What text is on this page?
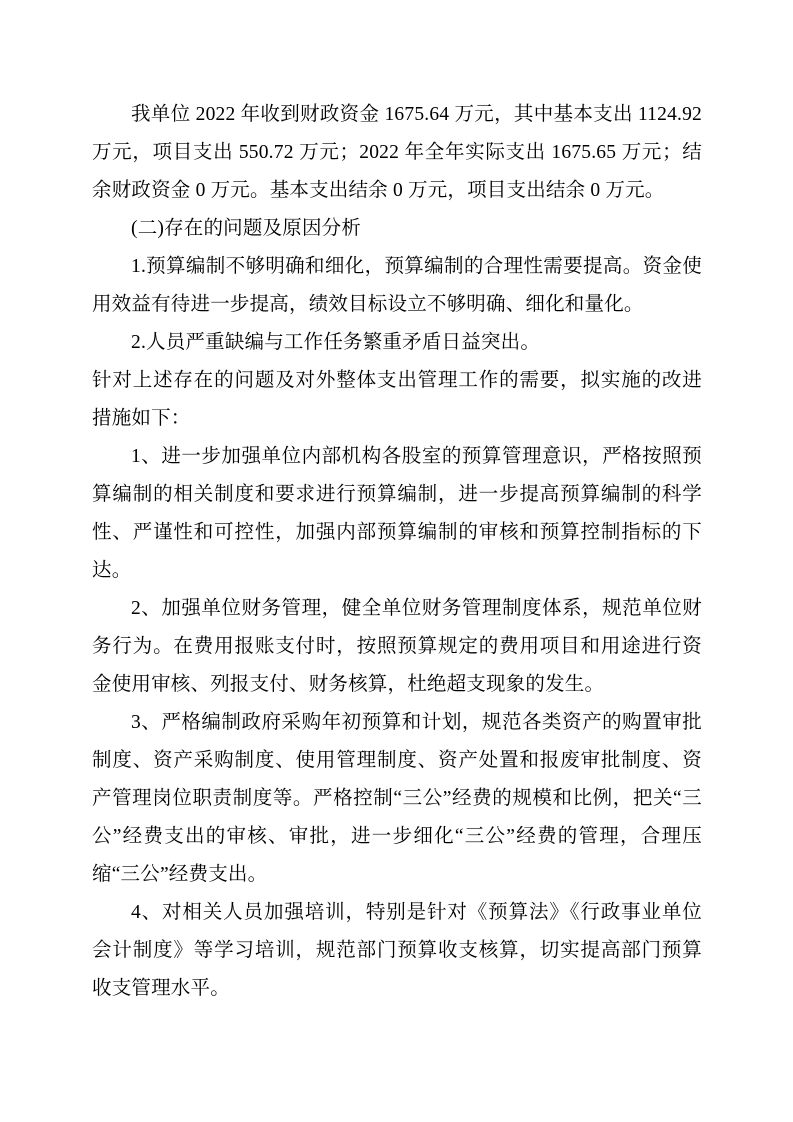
我单位 2022 年收到财政资金 1675.64 万元，其中基本支出 1124.92 万元，项目支出 550.72 万元；2022 年全年实际支出 1675.65 万元；结余财政资金 0 万元。基本支出结余 0 万元，项目支出结余 0 万元。

(二)存在的问题及原因分析

1.预算编制不够明确和细化，预算编制的合理性需要提高。资金使用效益有待进一步提高，绩效目标设立不够明确、细化和量化。

2.人员严重缺编与工作任务繁重矛盾日益突出。

针对上述存在的问题及对外整体支出管理工作的需要，拟实施的改进措施如下：

1、进一步加强单位内部机构各股室的预算管理意识，严格按照预算编制的相关制度和要求进行预算编制，进一步提高预算编制的科学性、严谨性和可控性，加强内部预算编制的审核和预算控制指标的下达。

2、加强单位财务管理，健全单位财务管理制度体系，规范单位财务行为。在费用报账支付时，按照预算规定的费用项目和用途进行资金使用审核、列报支付、财务核算，杜绝超支现象的发生。

3、严格编制政府采购年初预算和计划，规范各类资产的购置审批制度、资产采购制度、使用管理制度、资产处置和报废审批制度、资产管理岗位职责制度等。严格控制“三公”经费的规模和比例，把关“三公”经费支出的审核、审批，进一步细化“三公”经费的管理，合理压缩“三公”经费支出。

4、对相关人员加强培训，特别是针对《预算法》《行政事业单位会计制度》等学习培训，规范部门预算收支核算，切实提高部门预算收支管理水平。
